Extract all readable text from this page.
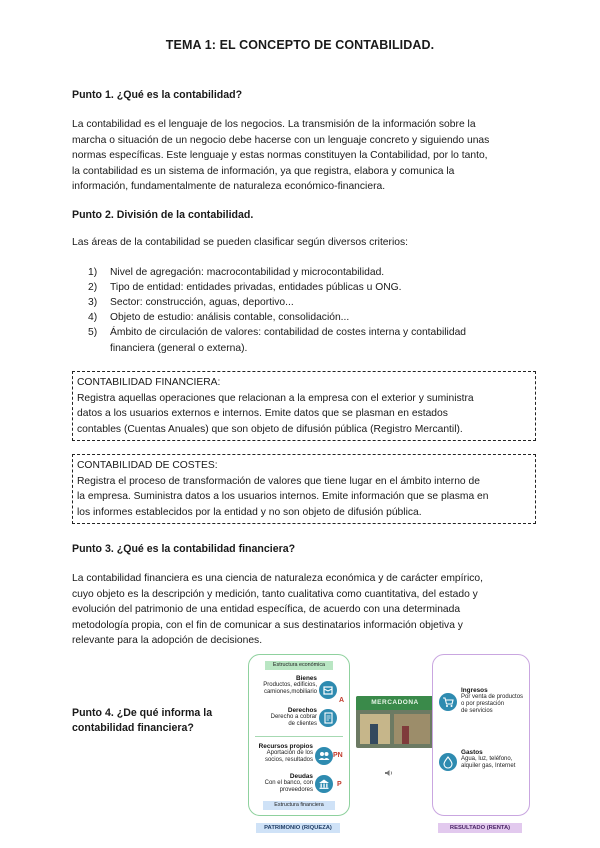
TEMA 1: EL CONCEPTO DE CONTABILIDAD.
Punto 1. ¿Qué es la contabilidad?
La contabilidad es el lenguaje de los negocios. La transmisión de la información sobre la
marcha o situación de un negocio debe hacerse con un lenguaje concreto y siguiendo unas
normas específicas. Este lenguaje y estas normas constituyen la Contabilidad, por lo tanto,
la contabilidad es un sistema de información, ya que registra, elabora y comunica la
información, fundamentalmente de naturaleza económico-financiera.
Punto 2. División de la contabilidad.
Las áreas de la contabilidad se pueden clasificar según diversos criterios:
1)	Nivel de agregación: macrocontabilidad y microcontabilidad.
2)	Tipo de entidad: entidades privadas, entidades públicas u ONG.
3)	Sector: construcción, aguas, deportivo...
4)	Objeto de estudio: análisis contable, consolidación...
5)	Ámbito de circulación de valores: contabilidad de costes interna y contabilidad
financiera (general o externa).
CONTABILIDAD FINANCIERA:
Registra aquellas operaciones que relacionan a la empresa con el exterior y suministra
datos a los usuarios externos e internos. Emite datos que se plasman en estados
contables (Cuentas Anuales) que son objeto de difusión pública (Registro Mercantil).
CONTABILIDAD DE COSTES:
Registra el proceso de transformación de valores que tiene lugar en el ámbito interno de
la empresa. Suministra datos a los usuarios internos. Emite información que se plasma en
los informes establecidos por la entidad y no son objeto de difusión pública.
Punto 3. ¿Qué es la contabilidad financiera?
La contabilidad financiera es una ciencia de naturaleza económica y de carácter empírico,
cuyo objeto es la descripción y medición, tanto cualitativa como cuantitativa, del estado y
evolución del patrimonio de una entidad específica, de acuerdo con una determinada
metodología propia, con el fin de comunicar a sus destinatarios información objetiva y
relevante para la adopción de decisiones.
Punto 4. ¿De qué informa la
contabilidad financiera?
Estructura económica
Bienes
Productos, edificios,
camiones,mobiliario
Derechos
Derecho a cobrar
de clientes
A
Recursos propios
Aportación de los
socios, resultados
PN
Deudas
Con el banco, con
proveedores
P
Estructura financiera
MERCADONA
Ingresos
Por venta de productos
o por prestación
de servicios
Gastos
Agua, luz, teléfono,
alquiler gas, Internet
PATRIMONIO (RIQUEZA)	RESULTADO (RENTA)
